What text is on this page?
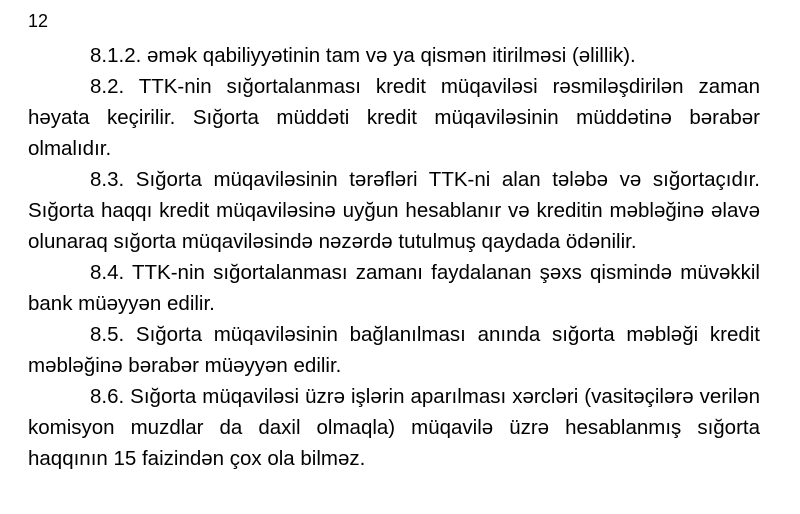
12

8.1.2. əmək qabiliyyətinin tam və ya qismən itirilməsi (əlillik).

8.2. TTK-nin sığortalanması kredit müqaviləsi rəsmiləşdirilən zaman həyata keçirilir. Sığorta müddəti kredit müqaviləsinin müddətinə bərabər olmalıdır.

8.3. Sığorta müqaviləsinin tərəfləri TTK-ni alan tələbə və sığortaçıdır. Sığorta haqqı kredit müqaviləsinə uyğun hesablanır və kreditin məbləğinə əlavə olunaraq sığorta müqaviləsində nəzərdə tutulmuş qaydada ödənilir.

8.4. TTK-nin sığortalanması zamanı faydalanan şəxs qismində müvəkkil bank müəyyən edilir.

8.5. Sığorta müqaviləsinin bağlanılması anında sığorta məbləği kredit məbləğinə bərabər müəyyən edilir.

8.6. Sığorta müqaviləsi üzrə işlərin aparılması xərcləri (vasitəçilərə verilən komisyon muzdlar da daxil olmaqla) müqavilə üzrə hesablanmış sığorta haqqının 15 faizindən çox ola bilməz.
